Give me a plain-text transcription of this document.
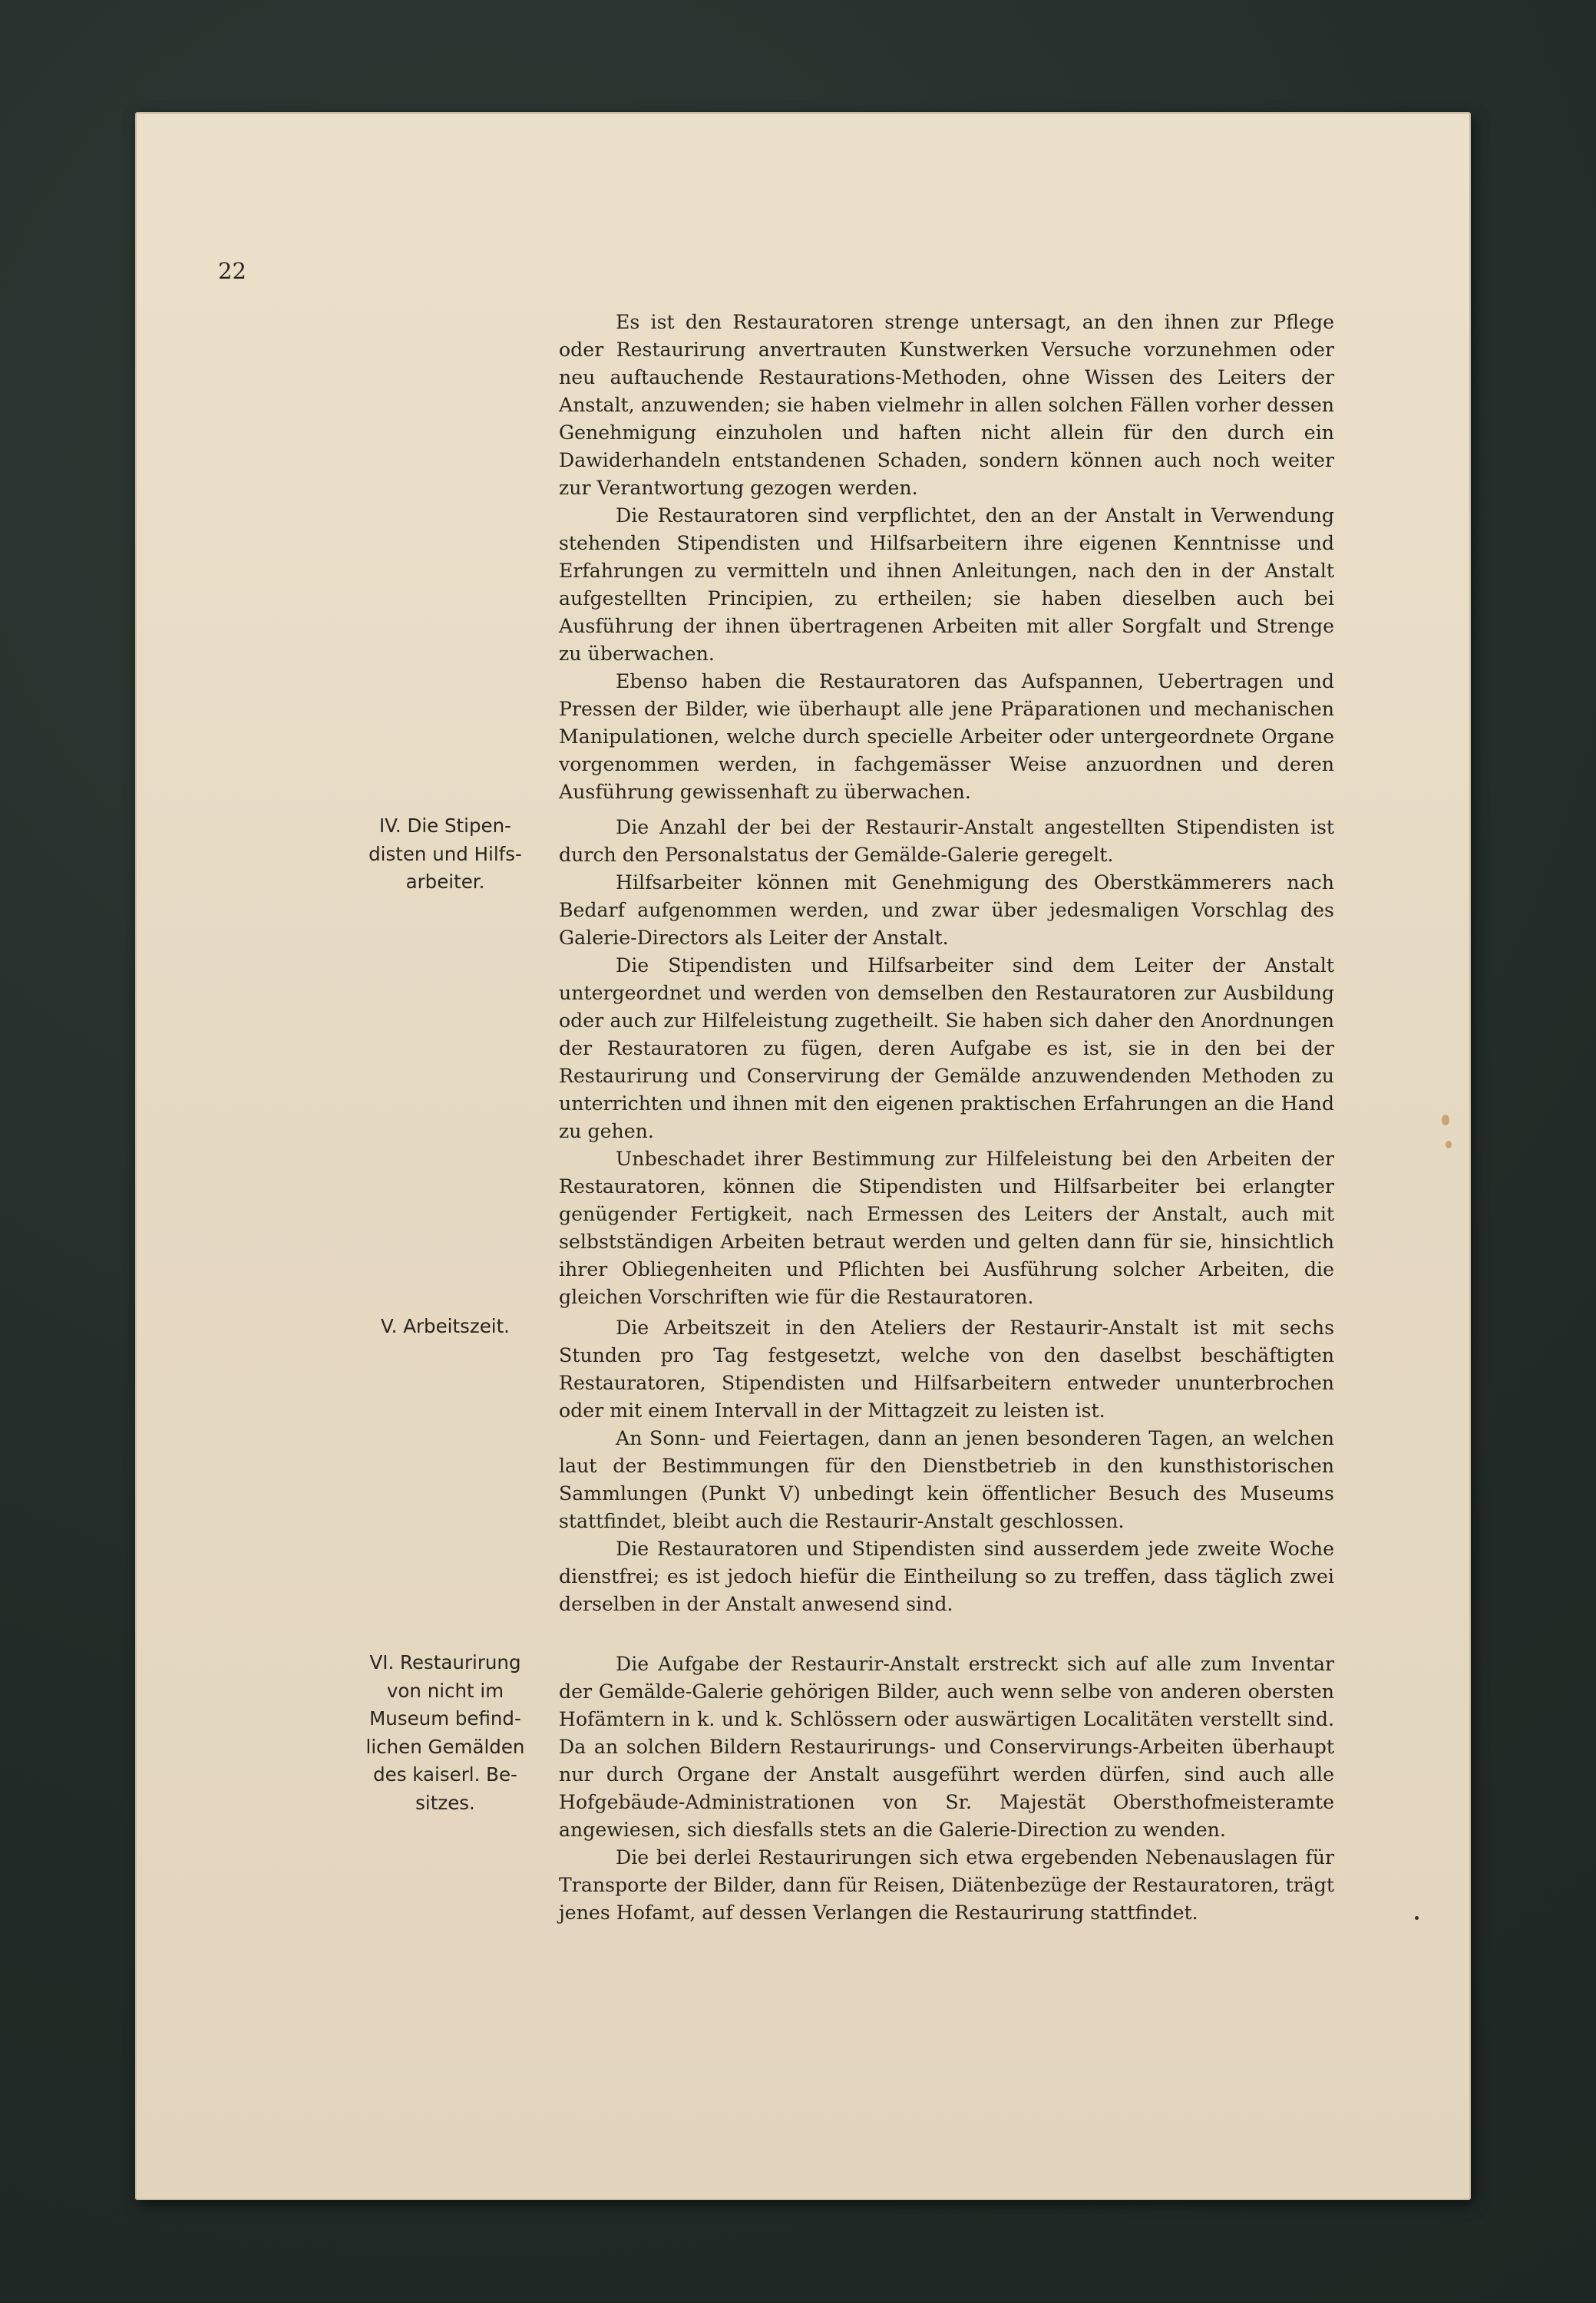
22

Es ist den Restauratoren strenge untersagt, an den ihnen zur Pflege oder Restaurirung anvertrauten Kunstwerken Versuche vorzunehmen oder neu auftauchende Restaurations-Methoden, ohne Wissen des Leiters der Anstalt, anzuwenden; sie haben vielmehr in allen solchen Fällen vorher dessen Genehmigung einzuholen und haften nicht allein für den durch ein Dawiderhandeln entstandenen Schaden, sondern können auch noch weiter zur Verantwortung gezogen werden.

Die Restauratoren sind verpflichtet, den an der Anstalt in Verwendung stehenden Stipendisten und Hilfsarbeitern ihre eigenen Kenntnisse und Erfahrungen zu vermitteln und ihnen Anleitungen, nach den in der Anstalt aufgestellten Principien, zu ertheilen; sie haben dieselben auch bei Ausführung der ihnen übertragenen Arbeiten mit aller Sorgfalt und Strenge zu überwachen.

Ebenso haben die Restauratoren das Aufspannen, Uebertragen und Pressen der Bilder, wie überhaupt alle jene Präparationen und mechanischen Manipulationen, welche durch specielle Arbeiter oder untergeordnete Organe vorgenommen werden, in fachgemässer Weise anzuordnen und deren Ausführung gewissenhaft zu überwachen.

IV. Die Stipen-
disten und Hilfs-
arbeiter.

Die Anzahl der bei der Restaurir-Anstalt angestellten Stipendisten ist durch den Personalstatus der Gemälde-Galerie geregelt.

Hilfsarbeiter können mit Genehmigung des Oberstkämmerers nach Bedarf aufgenommen werden, und zwar über jedesmaligen Vorschlag des Galerie-Directors als Leiter der Anstalt.

Die Stipendisten und Hilfsarbeiter sind dem Leiter der Anstalt untergeordnet und werden von demselben den Restauratoren zur Ausbildung oder auch zur Hilfeleistung zugetheilt. Sie haben sich daher den Anordnungen der Restauratoren zu fügen, deren Aufgabe es ist, sie in den bei der Restaurirung und Conservirung der Gemälde anzuwendenden Methoden zu unterrichten und ihnen mit den eigenen praktischen Erfahrungen an die Hand zu gehen.

Unbeschadet ihrer Bestimmung zur Hilfeleistung bei den Arbeiten der Restauratoren, können die Stipendisten und Hilfsarbeiter bei erlangter genügender Fertigkeit, nach Ermessen des Leiters der Anstalt, auch mit selbstständigen Arbeiten betraut werden und gelten dann für sie, hinsichtlich ihrer Obliegenheiten und Pflichten bei Ausführung solcher Arbeiten, die gleichen Vorschriften wie für die Restauratoren.

V. Arbeitszeit.	Die Arbeitszeit in den Ateliers der Restaurir-Anstalt ist mit sechs Stunden pro Tag festgesetzt, welche von den daselbst beschäftigten Restauratoren, Stipendisten und Hilfsarbeitern entweder ununterbrochen oder mit einem Intervall in der Mittagzeit zu leisten ist.

An Sonn- und Feiertagen, dann an jenen besonderen Tagen, an welchen laut der Bestimmungen für den Dienstbetrieb in den kunsthistorischen Sammlungen (Punkt V) unbedingt kein öffentlicher Besuch des Museums stattfindet, bleibt auch die Restaurir-Anstalt geschlossen.

Die Restauratoren und Stipendisten sind ausserdem jede zweite Woche dienstfrei; es ist jedoch hiefür die Eintheilung so zu treffen, dass täglich zwei derselben in der Anstalt anwesend sind.

VI. Restaurirung
von nicht im
Museum befind-
lichen Gemälden
des kaiserl. Be-
sitzes.

Die Aufgabe der Restaurir-Anstalt erstreckt sich auf alle zum Inventar der Gemälde-Galerie gehörigen Bilder, auch wenn selbe von anderen obersten Hofämtern in k. und k. Schlössern oder auswärtigen Localitäten verstellt sind. Da an solchen Bildern Restaurirungs- und Conservirungs-Arbeiten überhaupt nur durch Organe der Anstalt ausgeführt werden dürfen, sind auch alle Hofgebäude-Administrationen von Sr. Majestät Obersthofmeisteramte angewiesen, sich diesfalls stets an die Galerie-Direction zu wenden.

Die bei derlei Restaurirungen sich etwa ergebenden Nebenauslagen für Transporte der Bilder, dann für Reisen, Diätenbezüge der Restauratoren, trägt jenes Hofamt, auf dessen Verlangen die Restaurirung stattfindet.
